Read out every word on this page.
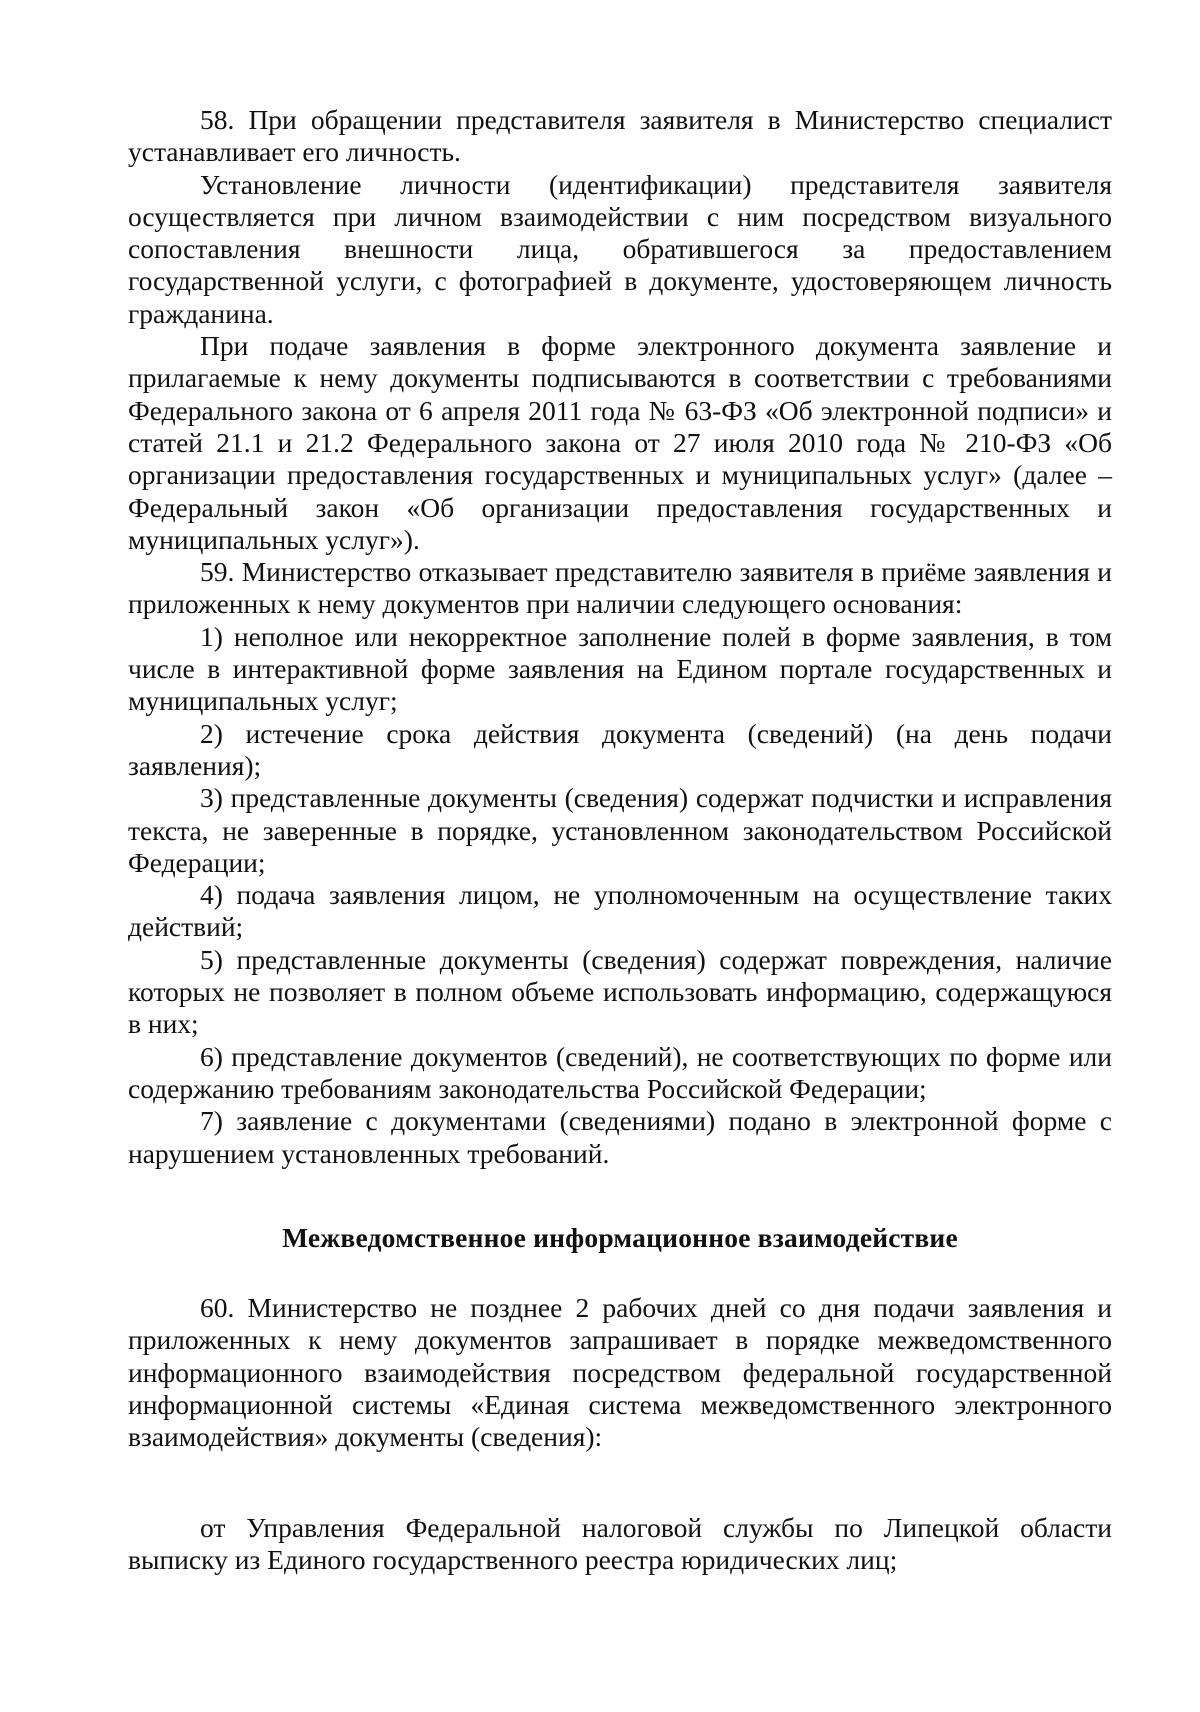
58. При обращении представителя заявителя в Министерство специалист устанавливает его личность.

Установление личности (идентификации) представителя заявителя осуществляется при личном взаимодействии с ним посредством визуального сопоставления внешности лица, обратившегося за предоставлением государственной услуги, с фотографией в документе, удостоверяющем личность гражданина.

При подаче заявления в форме электронного документа заявление и прилагаемые к нему документы подписываются в соответствии с требованиями Федерального закона от 6 апреля 2011 года № 63-ФЗ «Об электронной подписи» и статей 21.1 и 21.2 Федерального закона от 27 июля 2010 года № 210-ФЗ «Об организации предоставления государственных и муниципальных услуг» (далее – Федеральный закон «Об организации предоставления государственных и муниципальных услуг»).

59. Министерство отказывает представителю заявителя в приёме заявления и приложенных к нему документов при наличии следующего основания:

1) неполное или некорректное заполнение полей в форме заявления, в том числе в интерактивной форме заявления на Едином портале государственных и муниципальных услуг;

2) истечение срока действия документа (сведений) (на день подачи заявления);

3) представленные документы (сведения) содержат подчистки и исправления текста, не заверенные в порядке, установленном законодательством Российской Федерации;

4) подача заявления лицом, не уполномоченным на осуществление таких действий;

5) представленные документы (сведения) содержат повреждения, наличие которых не позволяет в полном объеме использовать информацию, содержащуюся в них;

6) представление документов (сведений), не соответствующих по форме или содержанию требованиям законодательства Российской Федерации;

7) заявление с документами (сведениями) подано в электронной форме с нарушением установленных требований.

Межведомственное информационное взаимодействие

60. Министерство не позднее 2 рабочих дней со дня подачи заявления и приложенных к нему документов запрашивает в порядке межведомственного информационного взаимодействия посредством федеральной государственной информационной системы «Единая система межведомственного электронного взаимодействия» документы (сведения):

от Управления Федеральной налоговой службы по Липецкой области выписку из Единого государственного реестра юридических лиц;
